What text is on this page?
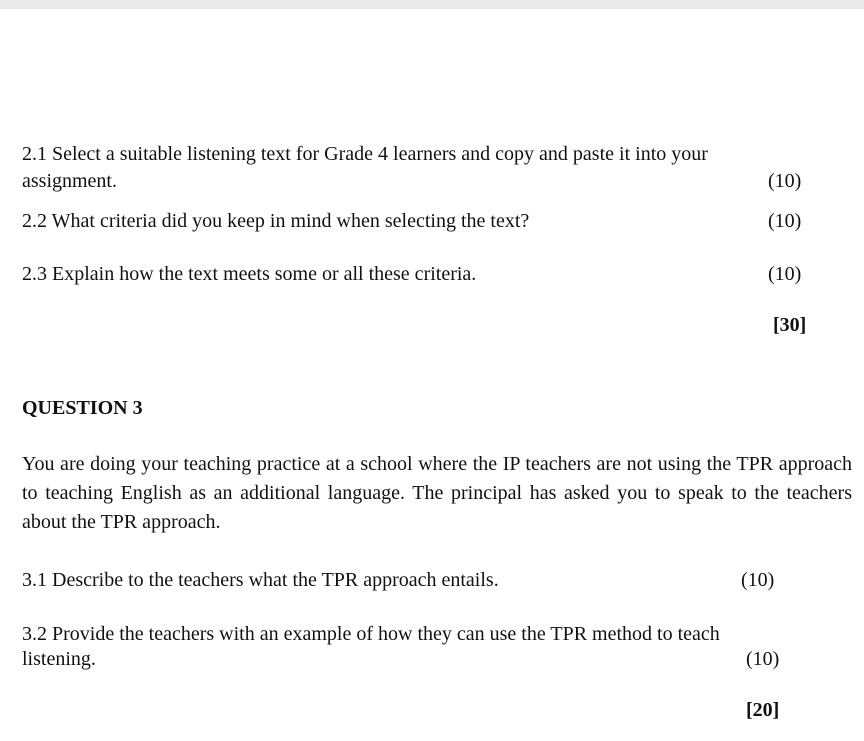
2.1 Select a suitable listening text for Grade 4 learners and copy and paste it into your
assignment.	(10)
2.2 What criteria did you keep in mind when selecting the text?	(10)
2.3 Explain how the text meets some or all these criteria.	(10)
[30]
QUESTION 3
You are doing your teaching practice at a school where the IP teachers are not using the TPR approach to teaching English as an additional language. The principal has asked you to speak to the teachers about the TPR approach.
3.1 Describe to the teachers what the TPR approach entails.	(10)
3.2 Provide the teachers with an example of how they can use the TPR method to teach
listening.	(10)
[20]
